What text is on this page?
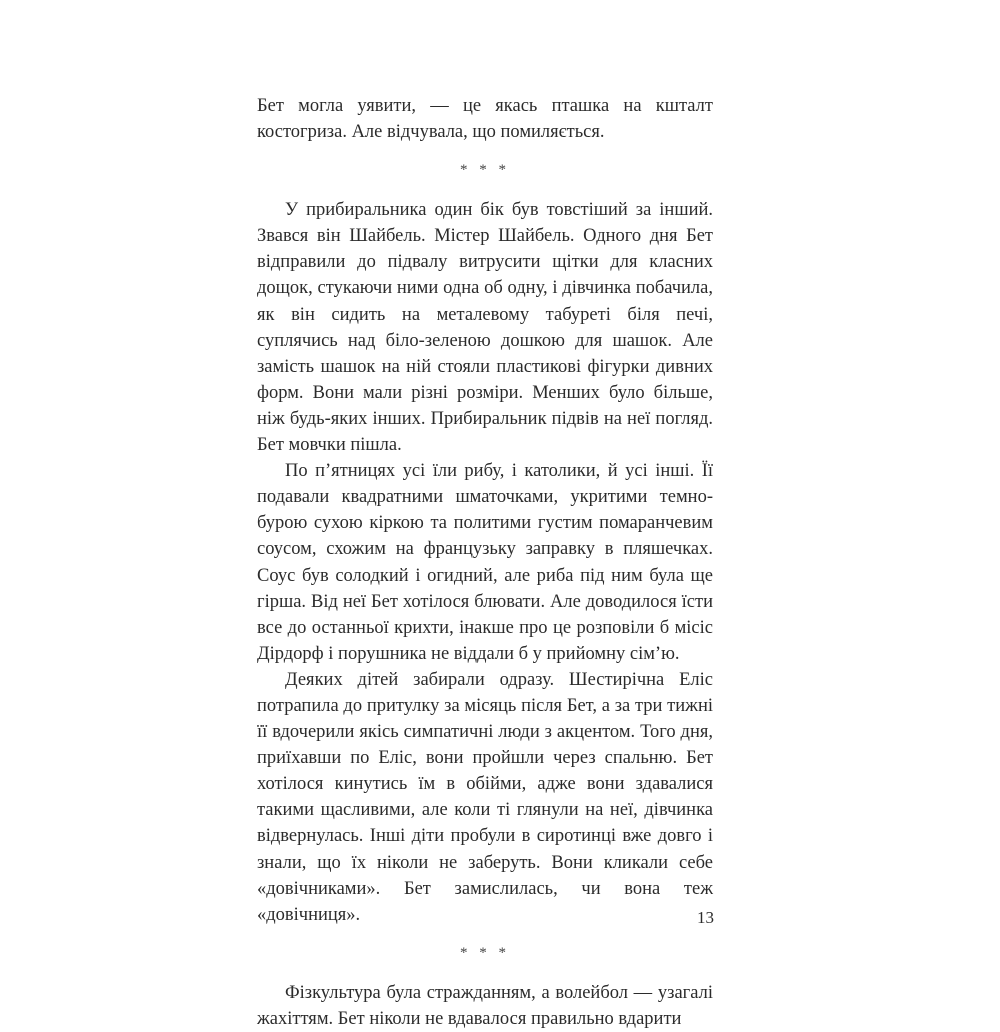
Бет могла уявити, — це якась пташка на кшталт костогриза. Але відчувала, що помиляється.

* * *

У прибиральника один бік був товстіший за інший. Звався він Шайбель. Містер Шайбель. Одного дня Бет відправили до підвалу витрусити щітки для класних дощок, стукаючи ними одна об одну, і дівчинка побачила, як він сидить на металевому табуреті біля печі, суплячись над біло-зеленою дошкою для шашок. Але замість шашок на ній стояли пластикові фігурки дивних форм. Вони мали різні розміри. Менших було більше, ніж будь-яких інших. Прибиральник підвів на неї погляд. Бет мовчки пішла.

По п’ятницях усі їли рибу, і католики, й усі інші. Її подавали квадратними шматочками, укритими темно-бурою сухою кіркою та политими густим помаранчевим соусом, схожим на французьку заправку в пляшечках. Соус був солодкий і огидний, але риба під ним була ще гірша. Від неї Бет хотілося блювати. Але доводилося їсти все до останньої крихти, інакше про це розповіли б місіс Дірдорф і порушника не віддали б у прийомну сім’ю.

Деяких дітей забирали одразу. Шестирічна Еліс потрапила до притулку за місяць після Бет, а за три тижні її вдочерили якісь симпатичні люди з акцентом. Того дня, приїхавши по Еліс, вони пройшли через спальню. Бет хотілося кинутись їм в обійми, адже вони здавалися такими щасливими, але коли ті глянули на неї, дівчинка відвернулась. Інші діти пробули в сиротинці вже довго і знали, що їх ніколи не заберуть. Вони кликали себе «довічниками». Бет замислилась, чи вона теж «довічниця».

* * *

Фізкультура була стражданням, а волейбол — узагалі жахіттям. Бет ніколи не вдавалося правильно вдарити

13
